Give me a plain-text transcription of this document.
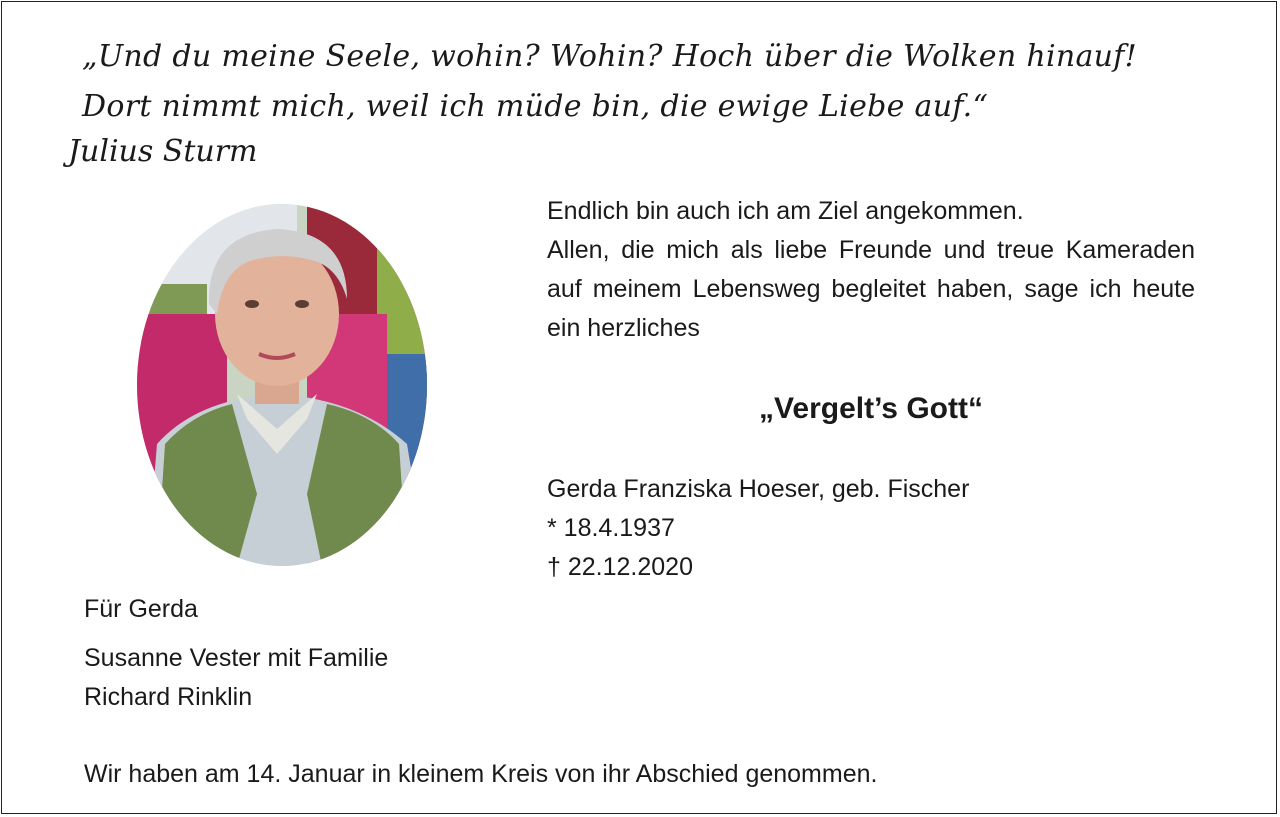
„Und du meine Seele, wohin? Wohin? Hoch über die Wolken hinauf!
Dort nimmt mich, weil ich müde bin, die ewige Liebe auf.“
Julius Sturm
Endlich bin auch ich am Ziel angekommen.
Allen, die mich als liebe Freunde und treue Kameraden auf meinem Lebensweg begleitet haben, sage ich heute ein herzliches
„Vergelt’s Gott“
Gerda Franziska Hoeser, geb. Fischer
* 18.4.1937
† 22.12.2020
Für Gerda
Susanne Vester mit Familie
Richard Rinklin
Wir haben am 14. Januar in kleinem Kreis von ihr Abschied genommen.
